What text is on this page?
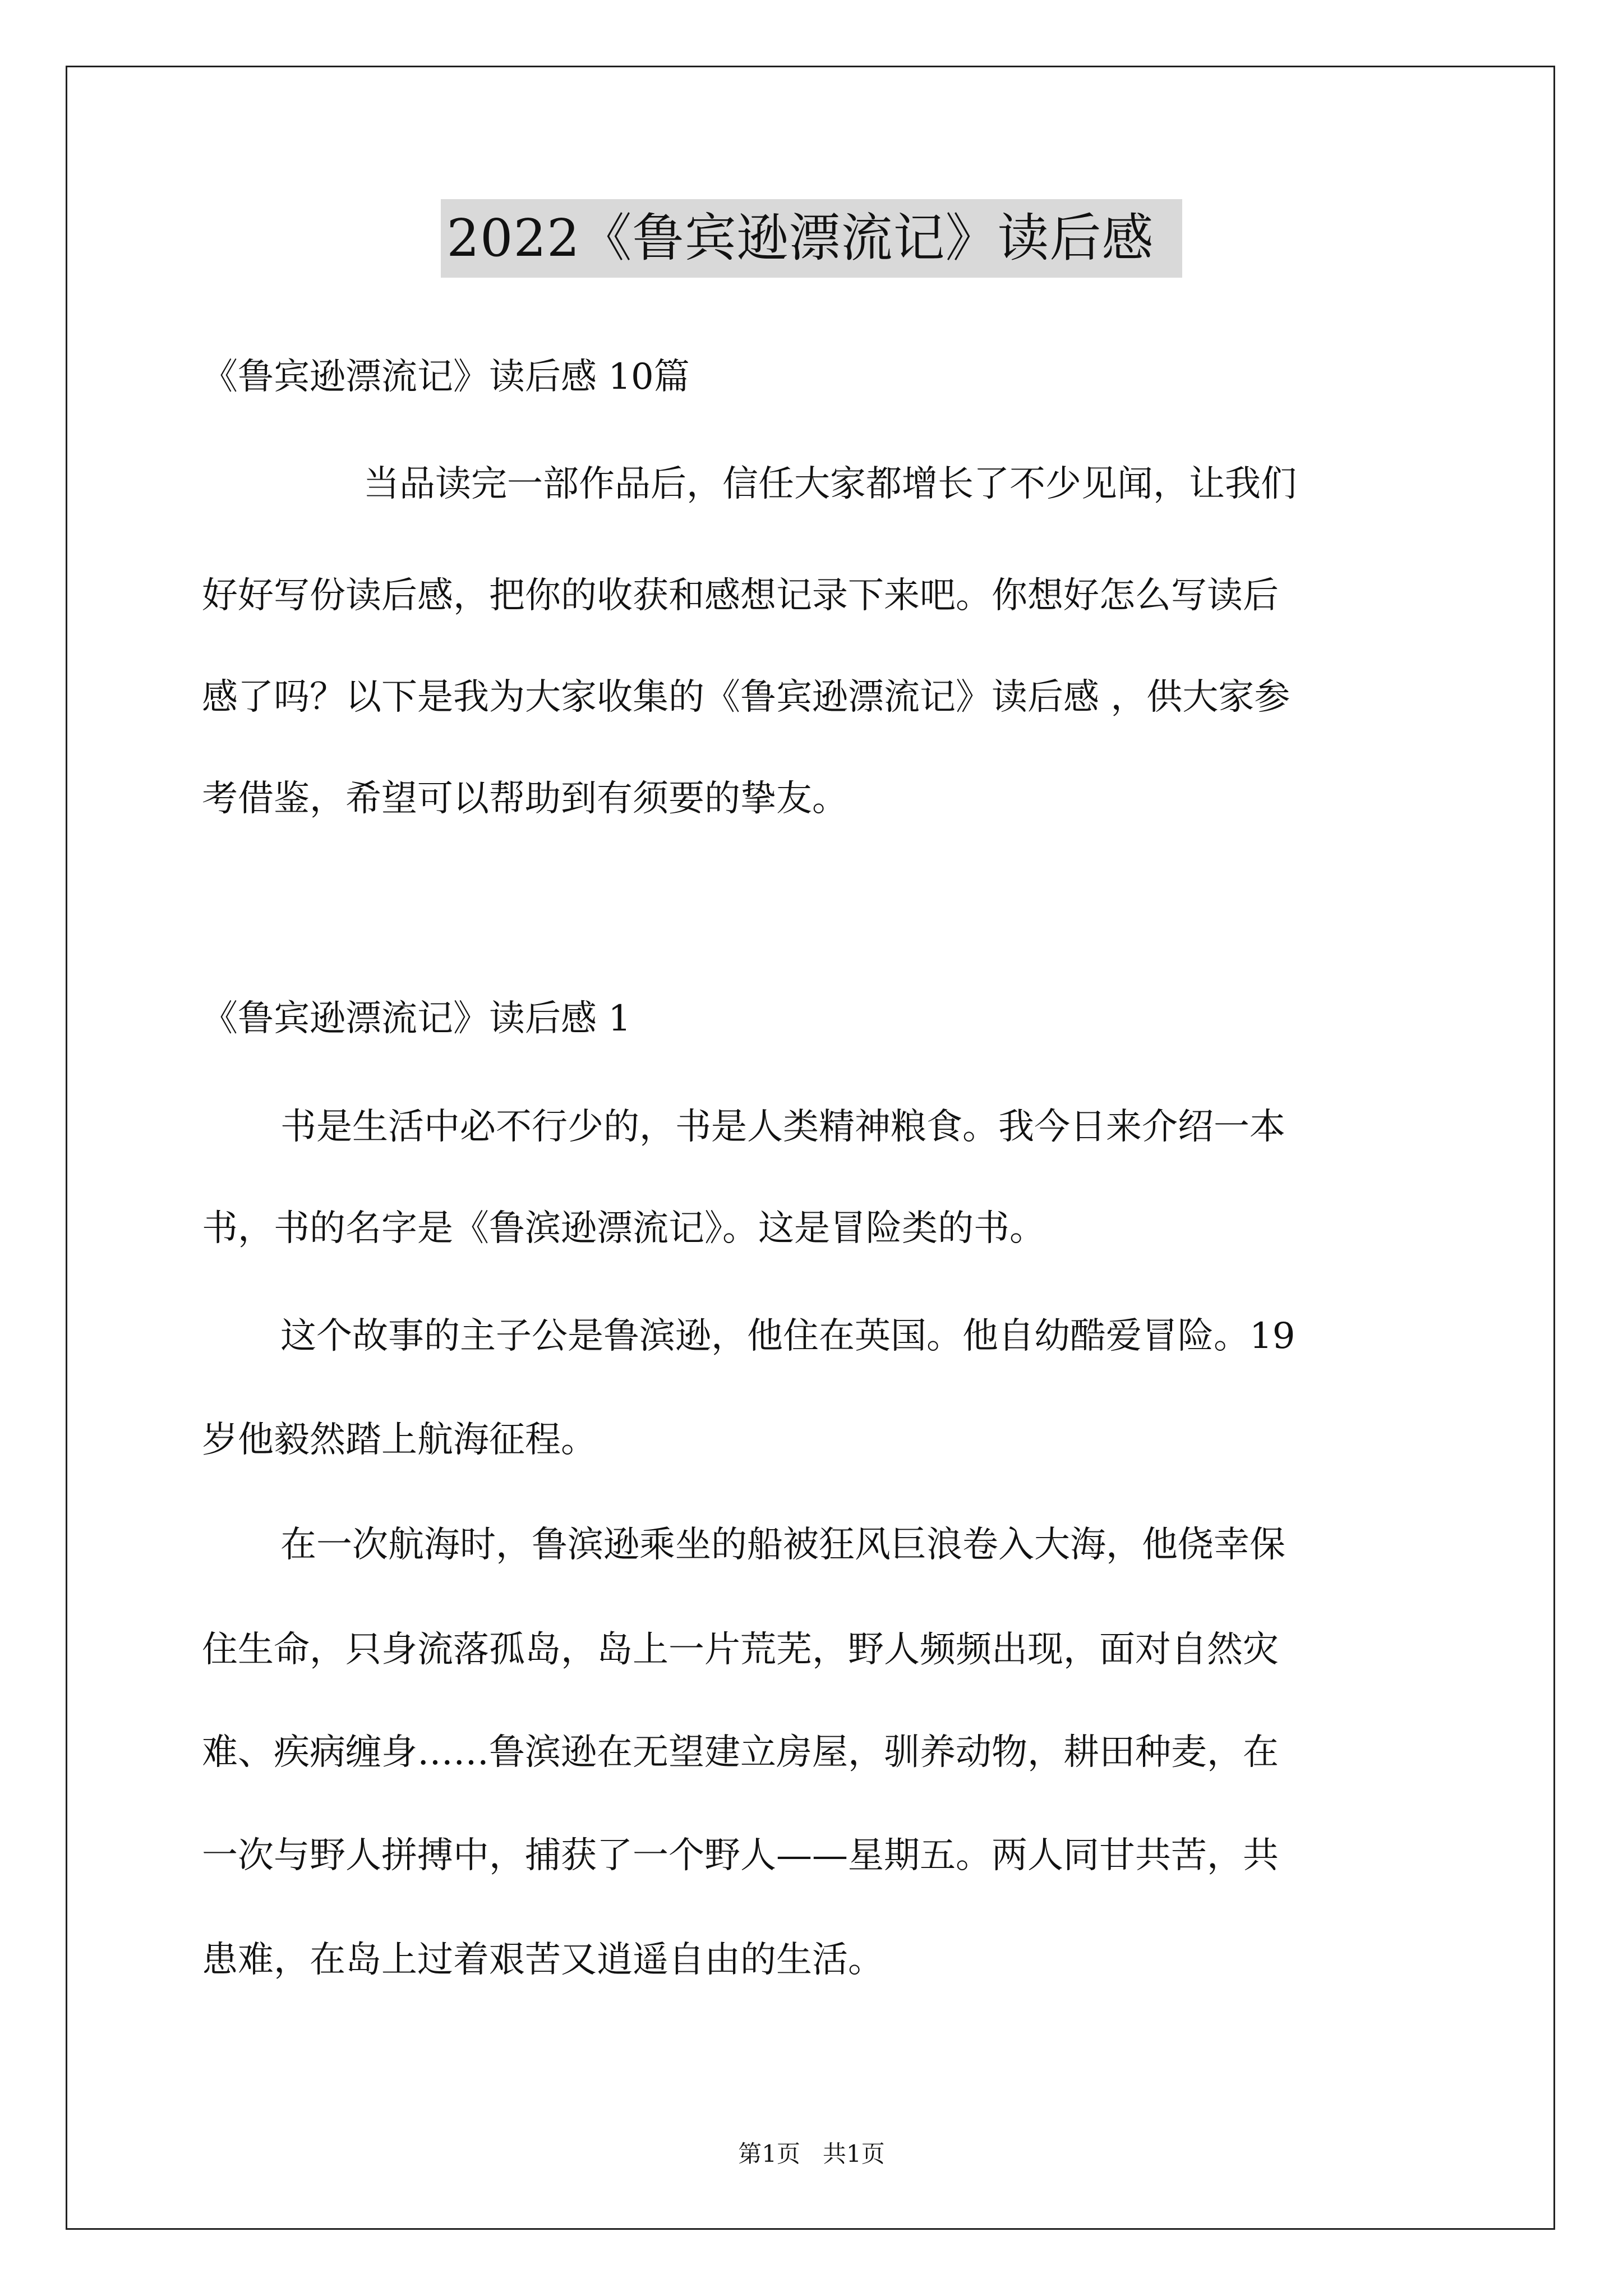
2022《鲁宾逊漂流记》读后感
《鲁宾逊漂流记》读后感 10篇
当品读完一部作品后，信任大家都增长了不少见闻，让我们
好好写份读后感，把你的收获和感想记录下来吧。你想好怎么写读后
感了吗？以下是我为大家收集的《鲁宾逊漂流记》读后感 ，供大家参
考借鉴，希望可以帮助到有须要的挚友。
《鲁宾逊漂流记》读后感 1
书是生活中必不行少的，书是人类精神粮食。我今日来介绍一本
书，书的名字是《鲁滨逊漂流记》。这是冒险类的书。
这个故事的主子公是鲁滨逊，他住在英国。他自幼酷爱冒险。19
岁他毅然踏上航海征程。
在一次航海时，鲁滨逊乘坐的船被狂风巨浪卷入大海，他侥幸保
住生命，只身流落孤岛，岛上一片荒芜，野人频频出现，面对自然灾
难、疾病缠身……鲁滨逊在无望建立房屋，驯养动物，耕田种麦，在
一次与野人拼搏中，捕获了一个野人——星期五。两人同甘共苦，共
患难，在岛上过着艰苦又逍遥自由的生活。
第1页   共1页
